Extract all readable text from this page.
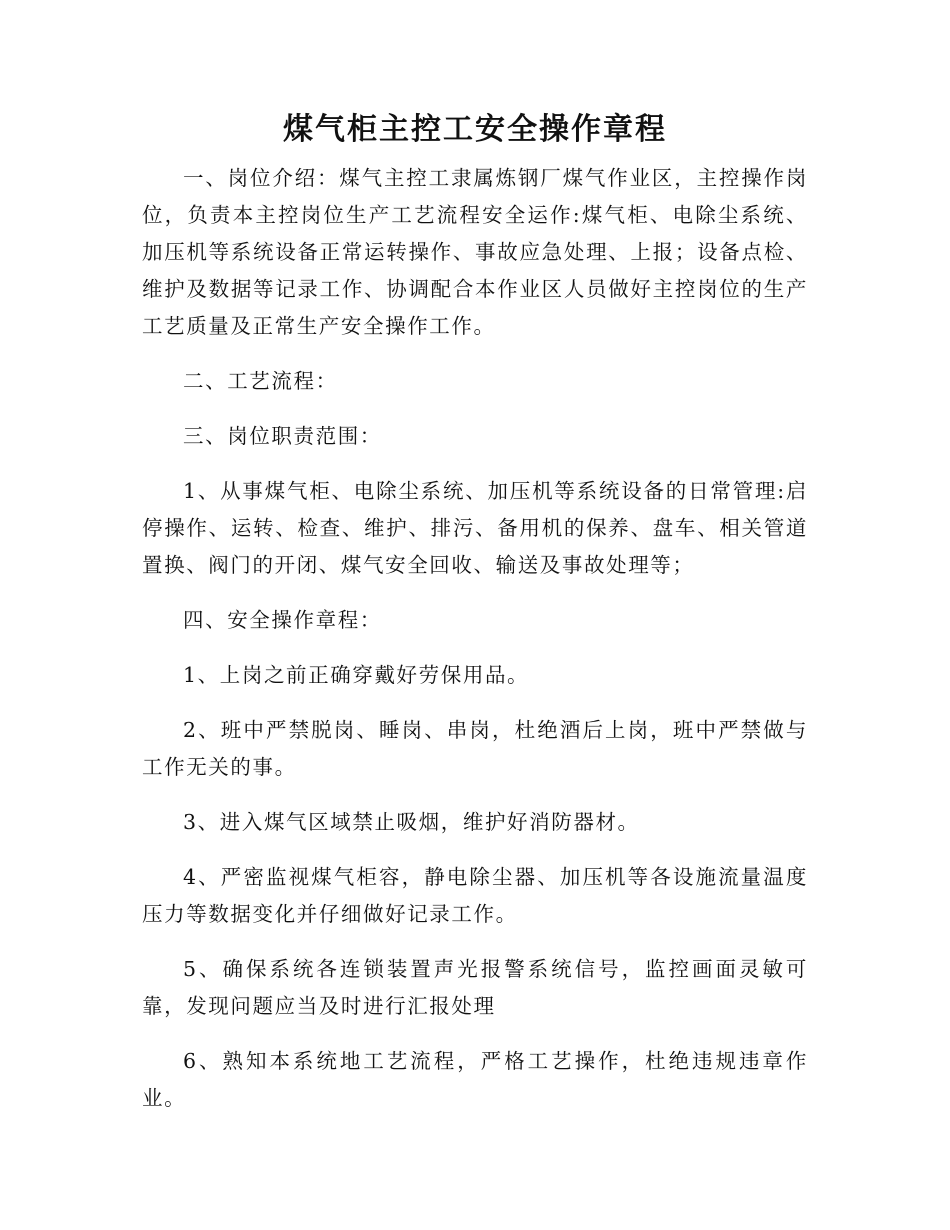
煤气柜主控工安全操作章程

一、岗位介绍：煤气主控工隶属炼钢厂煤气作业区，主控操作岗位，负责本主控岗位生产工艺流程安全运作:煤气柜、电除尘系统、加压机等系统设备正常运转操作、事故应急处理、上报；设备点检、维护及数据等记录工作、协调配合本作业区人员做好主控岗位的生产工艺质量及正常生产安全操作工作。

二、工艺流程：

三、岗位职责范围：

1、从事煤气柜、电除尘系统、加压机等系统设备的日常管理:启停操作、运转、检查、维护、排污、备用机的保养、盘车、相关管道置换、阀门的开闭、煤气安全回收、输送及事故处理等；

四、安全操作章程：

1、上岗之前正确穿戴好劳保用品。

2、班中严禁脱岗、睡岗、串岗，杜绝酒后上岗，班中严禁做与工作无关的事。

3、进入煤气区域禁止吸烟，维护好消防器材。

4、严密监视煤气柜容，静电除尘器、加压机等各设施流量温度压力等数据变化并仔细做好记录工作。

5、确保系统各连锁装置声光报警系统信号，监控画面灵敏可靠，发现问题应当及时进行汇报处理

6、熟知本系统地工艺流程，严格工艺操作，杜绝违规违章作业。
